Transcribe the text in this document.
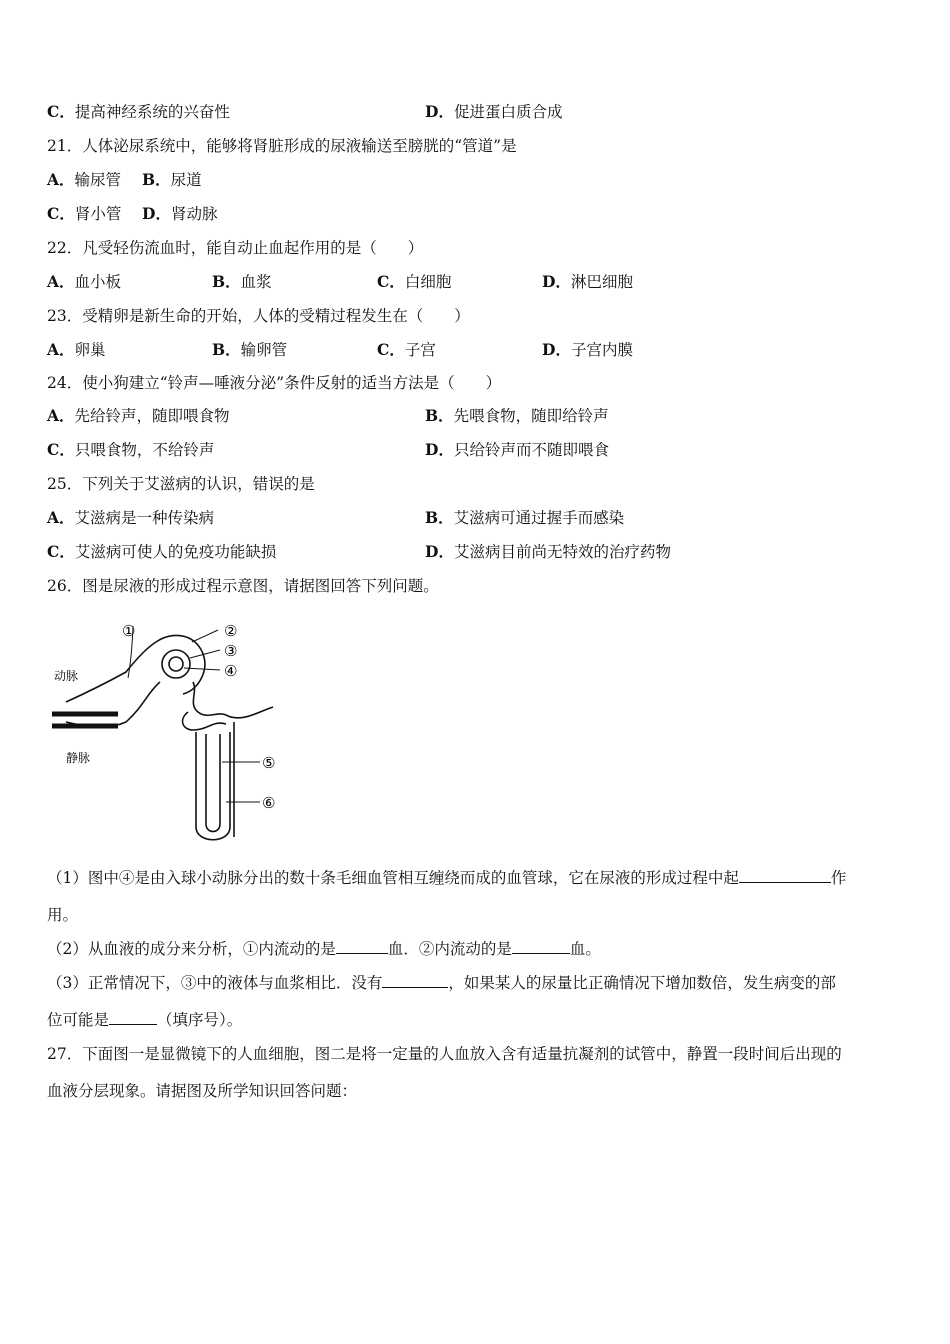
C．提高神经系统的兴奋性	D．促进蛋白质合成
21．人体泌尿系统中，能够将肾脏形成的尿液输送至膀胱的“管道”是
A．输尿管 B．尿道
C．肾小管 D．肾动脉
22．凡受轻伤流血时，能自动止血起作用的是（　　）
A．血小板	B．血浆	C．白细胞	D．淋巴细胞
23．受精卵是新生命的开始，人体的受精过程发生在（　　）
A．卵巢	B．输卵管	C．子宫	D．子宫内膜
24．使小狗建立“铃声—唾液分泌”条件反射的适当方法是（　　）
A．先给铃声，随即喂食物	B．先喂食物，随即给铃声
C．只喂食物，不给铃声	D．只给铃声而不随即喂食
25．下列关于艾滋病的认识，错误的是
A．艾滋病是一种传染病	B．艾滋病可通过握手而感染
C．艾滋病可使人的免疫功能缺损	D．艾滋病目前尚无特效的治疗药物
26．图是尿液的形成过程示意图，请据图回答下列问题。
①	②
③
④
⑤
⑥
动脉
静脉
（1）图中④是由入球小动脉分出的数十条毛细血管相互缠绕而成的血管球，它在尿液的形成过程中起	作
用。
（2）从血液的成分来分析，①内流动的是	血．②内流动的是	血。
（3）正常情况下，③中的液体与血浆相比．没有	，如果某人的尿量比正确情况下增加数倍，发生病变的部
位可能是	（填序号）。
27．下面图一是显微镜下的人血细胞，图二是将一定量的人血放入含有适量抗凝剂的试管中，静置一段时间后出现的
血液分层现象。请据图及所学知识回答问题：
